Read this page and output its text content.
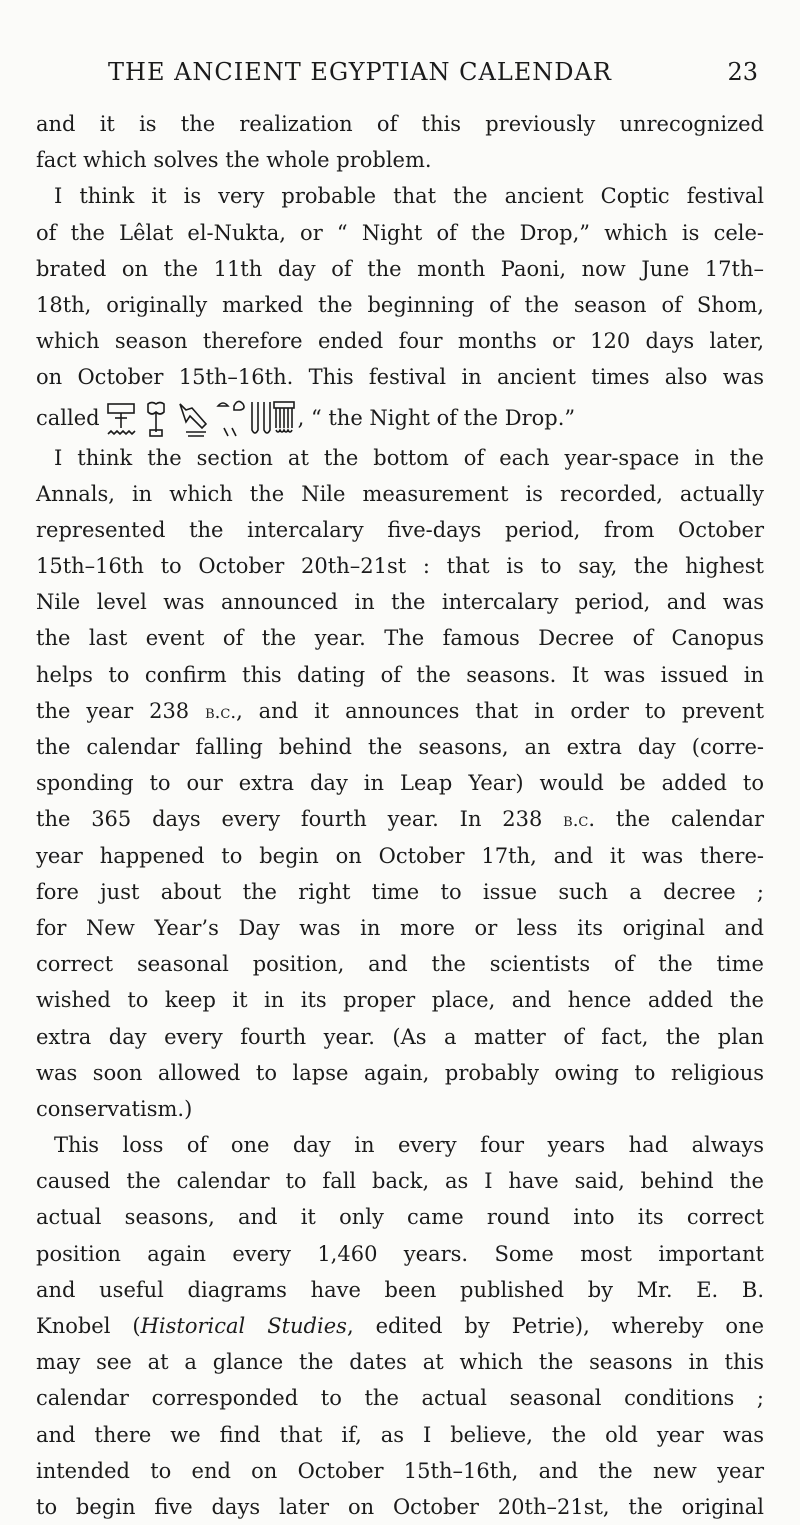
THE ANCIENT EGYPTIAN CALENDAR	23
and it is the realization of this previously unrecognized
fact which solves the whole problem.
I think it is very probable that the ancient Coptic festival
of the Lêlat el-Nukta, or “ Night of the Drop,” which is cele-
brated on the 11th day of the month Paoni, now June 17th–
18th, originally marked the beginning of the season of Shom,
which season therefore ended four months or 120 days later,
on October 15th–16th. This festival in ancient times also was
called	, “ the Night of the Drop.”
I think the section at the bottom of each year-space in the
Annals, in which the Nile measurement is recorded, actually
represented the intercalary five-days period, from October
15th–16th to October 20th–21st : that is to say, the highest
Nile level was announced in the intercalary period, and was
the last event of the year. The famous Decree of Canopus
helps to confirm this dating of the seasons. It was issued in
the year 238 b.c., and it announces that in order to prevent
the calendar falling behind the seasons, an extra day (corre-
sponding to our extra day in Leap Year) would be added to
the 365 days every fourth year. In 238 b.c. the calendar
year happened to begin on October 17th, and it was there-
fore just about the right time to issue such a decree ;
for New Year’s Day was in more or less its original and
correct seasonal position, and the scientists of the time
wished to keep it in its proper place, and hence added the
extra day every fourth year. (As a matter of fact, the plan
was soon allowed to lapse again, probably owing to religious
conservatism.)
This loss of one day in every four years had always
caused the calendar to fall back, as I have said, behind the
actual seasons, and it only came round into its correct
position again every 1,460 years. Some most important
and useful diagrams have been published by Mr. E. B.
Knobel (Historical Studies, edited by Petrie), whereby one
may see at a glance the dates at which the seasons in this
calendar corresponded to the actual seasonal conditions ;
and there we find that if, as I believe, the old year was
intended to end on October 15th–16th, and the new year
to begin five days later on October 20th–21st, the original
